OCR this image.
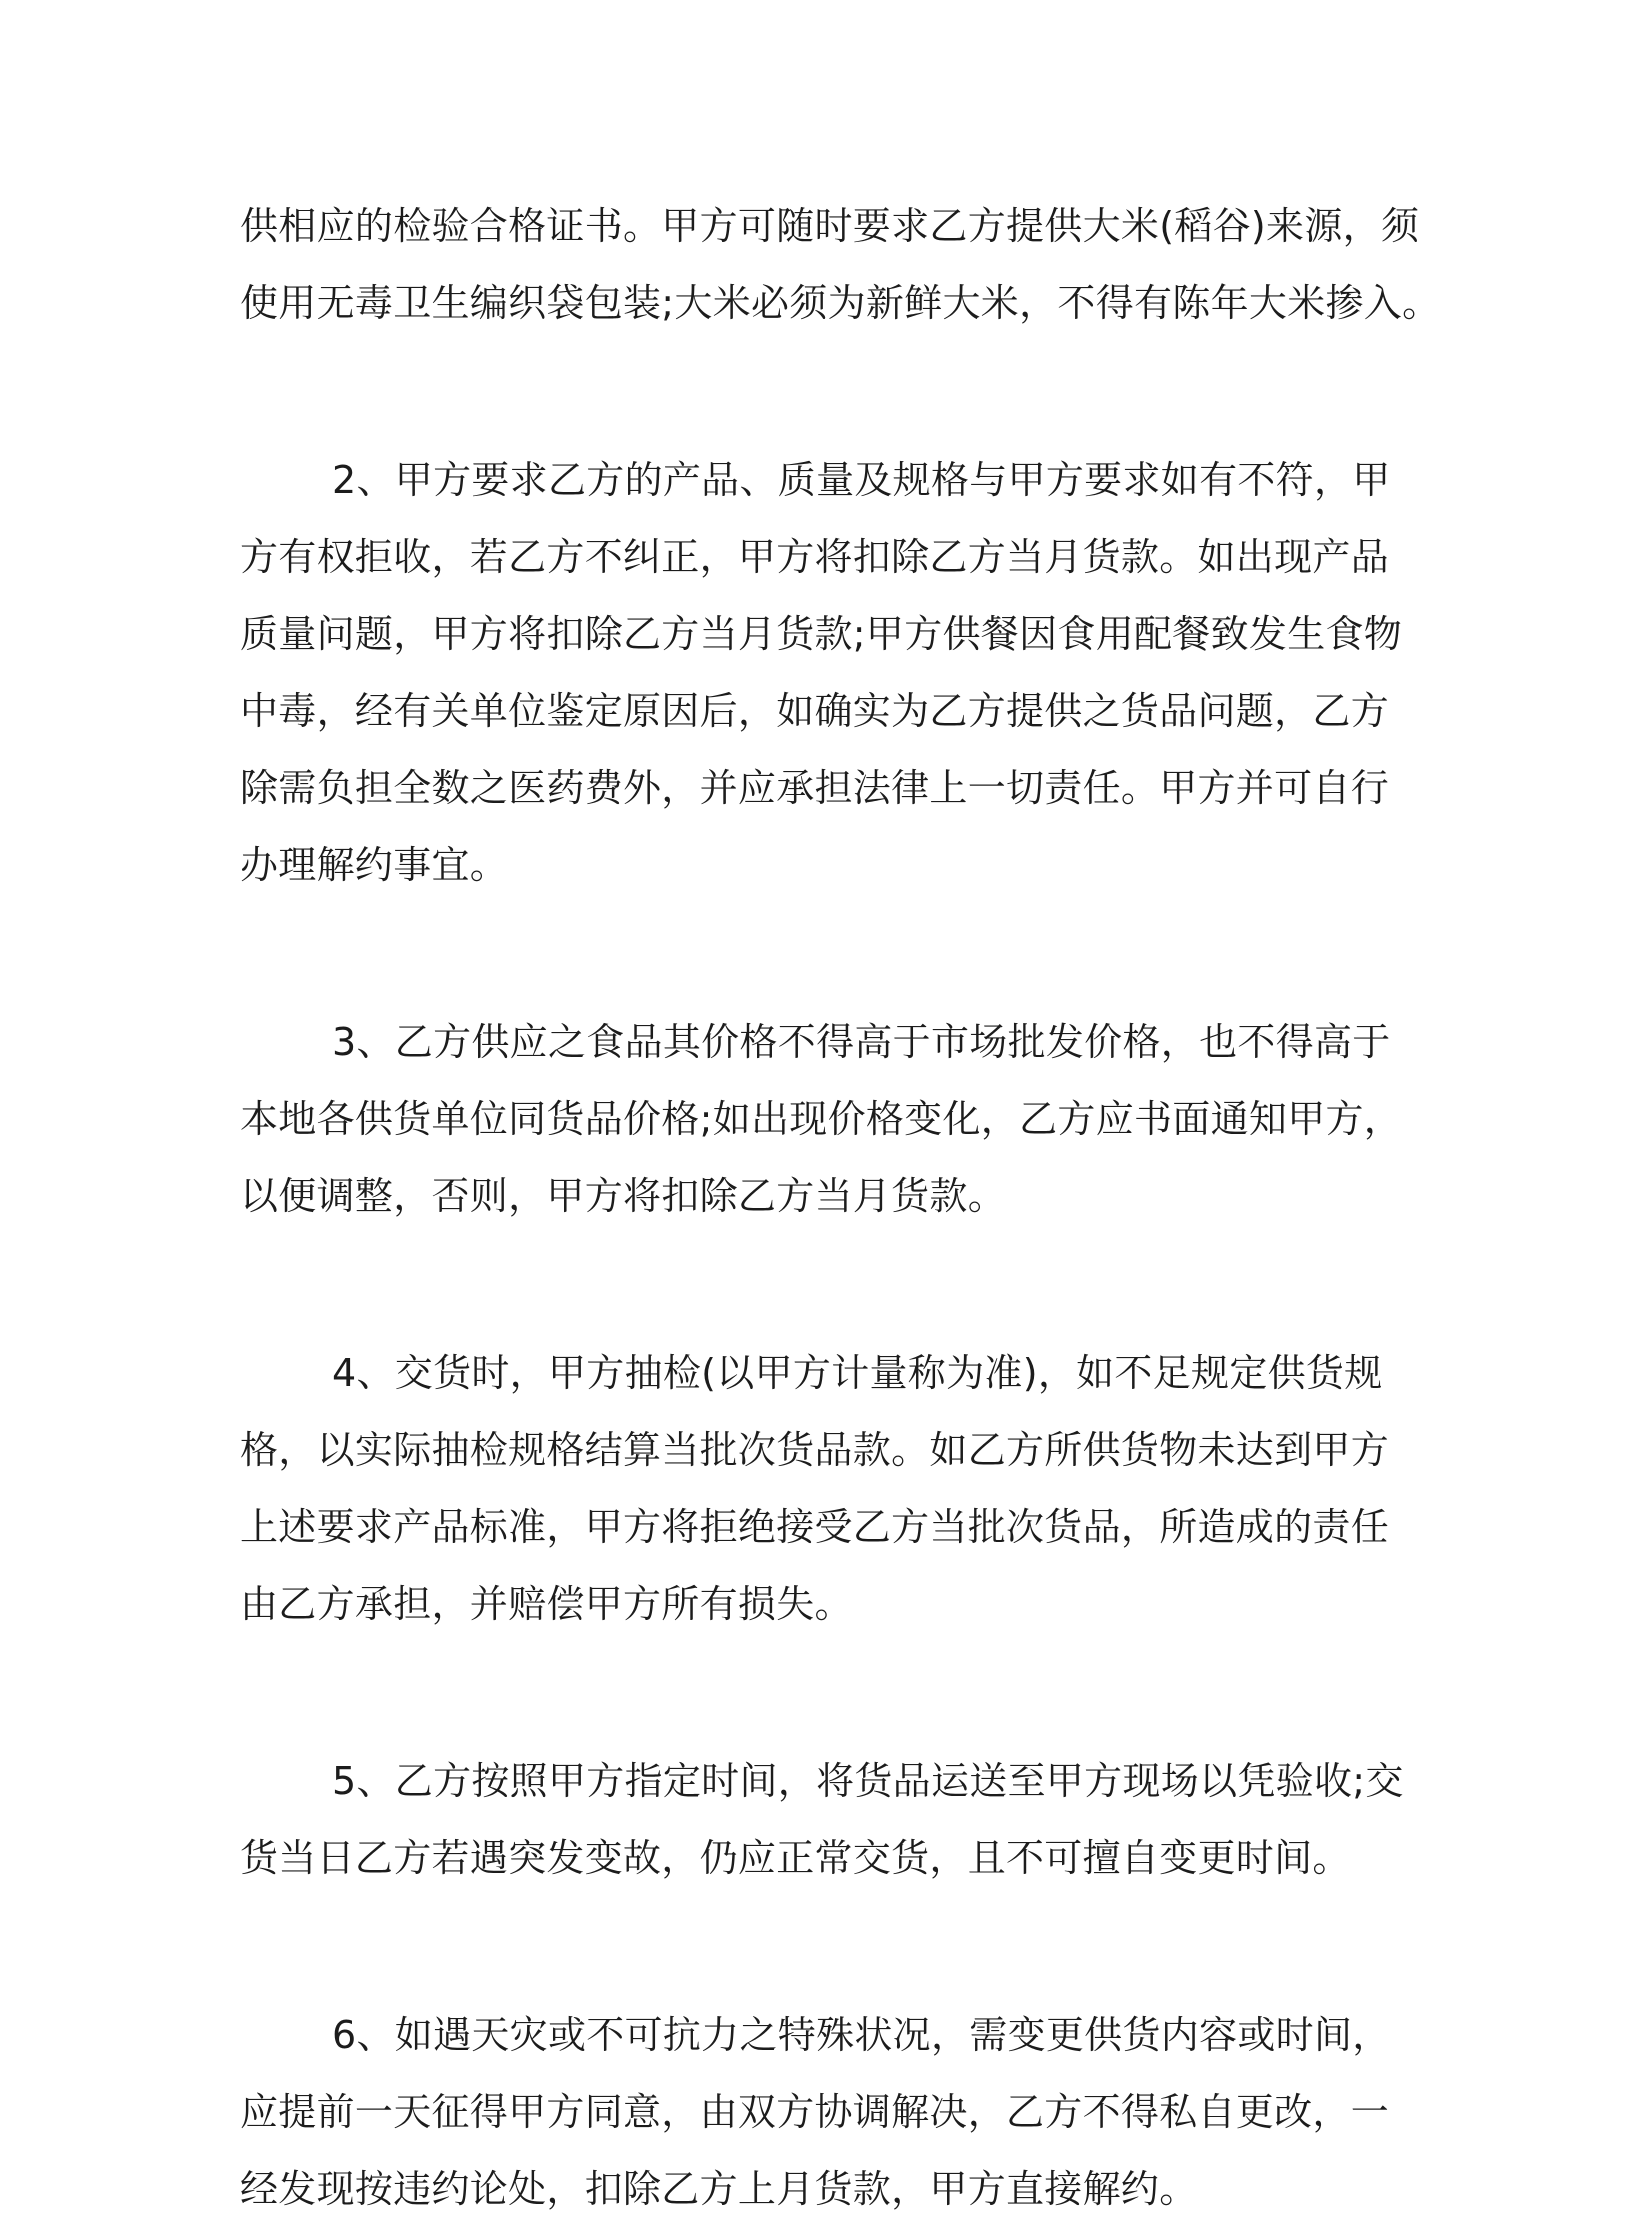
供相应的检验合格证书。甲方可随时要求乙方提供大米(稻谷)来源，须
使用无毒卫生编织袋包装;大米必须为新鲜大米，不得有陈年大米掺入。
2、甲方要求乙方的产品、质量及规格与甲方要求如有不符，甲
方有权拒收，若乙方不纠正，甲方将扣除乙方当月货款。如出现产品
质量问题，甲方将扣除乙方当月货款;甲方供餐因食用配餐致发生食物
中毒，经有关单位鉴定原因后，如确实为乙方提供之货品问题，乙方
除需负担全数之医药费外，并应承担法律上一切责任。甲方并可自行
办理解约事宜。
3、乙方供应之食品其价格不得高于市场批发价格，也不得高于
本地各供货单位同货品价格;如出现价格变化，乙方应书面通知甲方，
以便调整，否则，甲方将扣除乙方当月货款。
4、交货时，甲方抽检(以甲方计量称为准)，如不足规定供货规
格，以实际抽检规格结算当批次货品款。如乙方所供货物未达到甲方
上述要求产品标准，甲方将拒绝接受乙方当批次货品，所造成的责任
由乙方承担，并赔偿甲方所有损失。
5、乙方按照甲方指定时间，将货品运送至甲方现场以凭验收;交
货当日乙方若遇突发变故，仍应正常交货，且不可擅自变更时间。
6、如遇天灾或不可抗力之特殊状况，需变更供货内容或时间，
应提前一天征得甲方同意，由双方协调解决，乙方不得私自更改，一
经发现按违约论处，扣除乙方上月货款，甲方直接解约。
